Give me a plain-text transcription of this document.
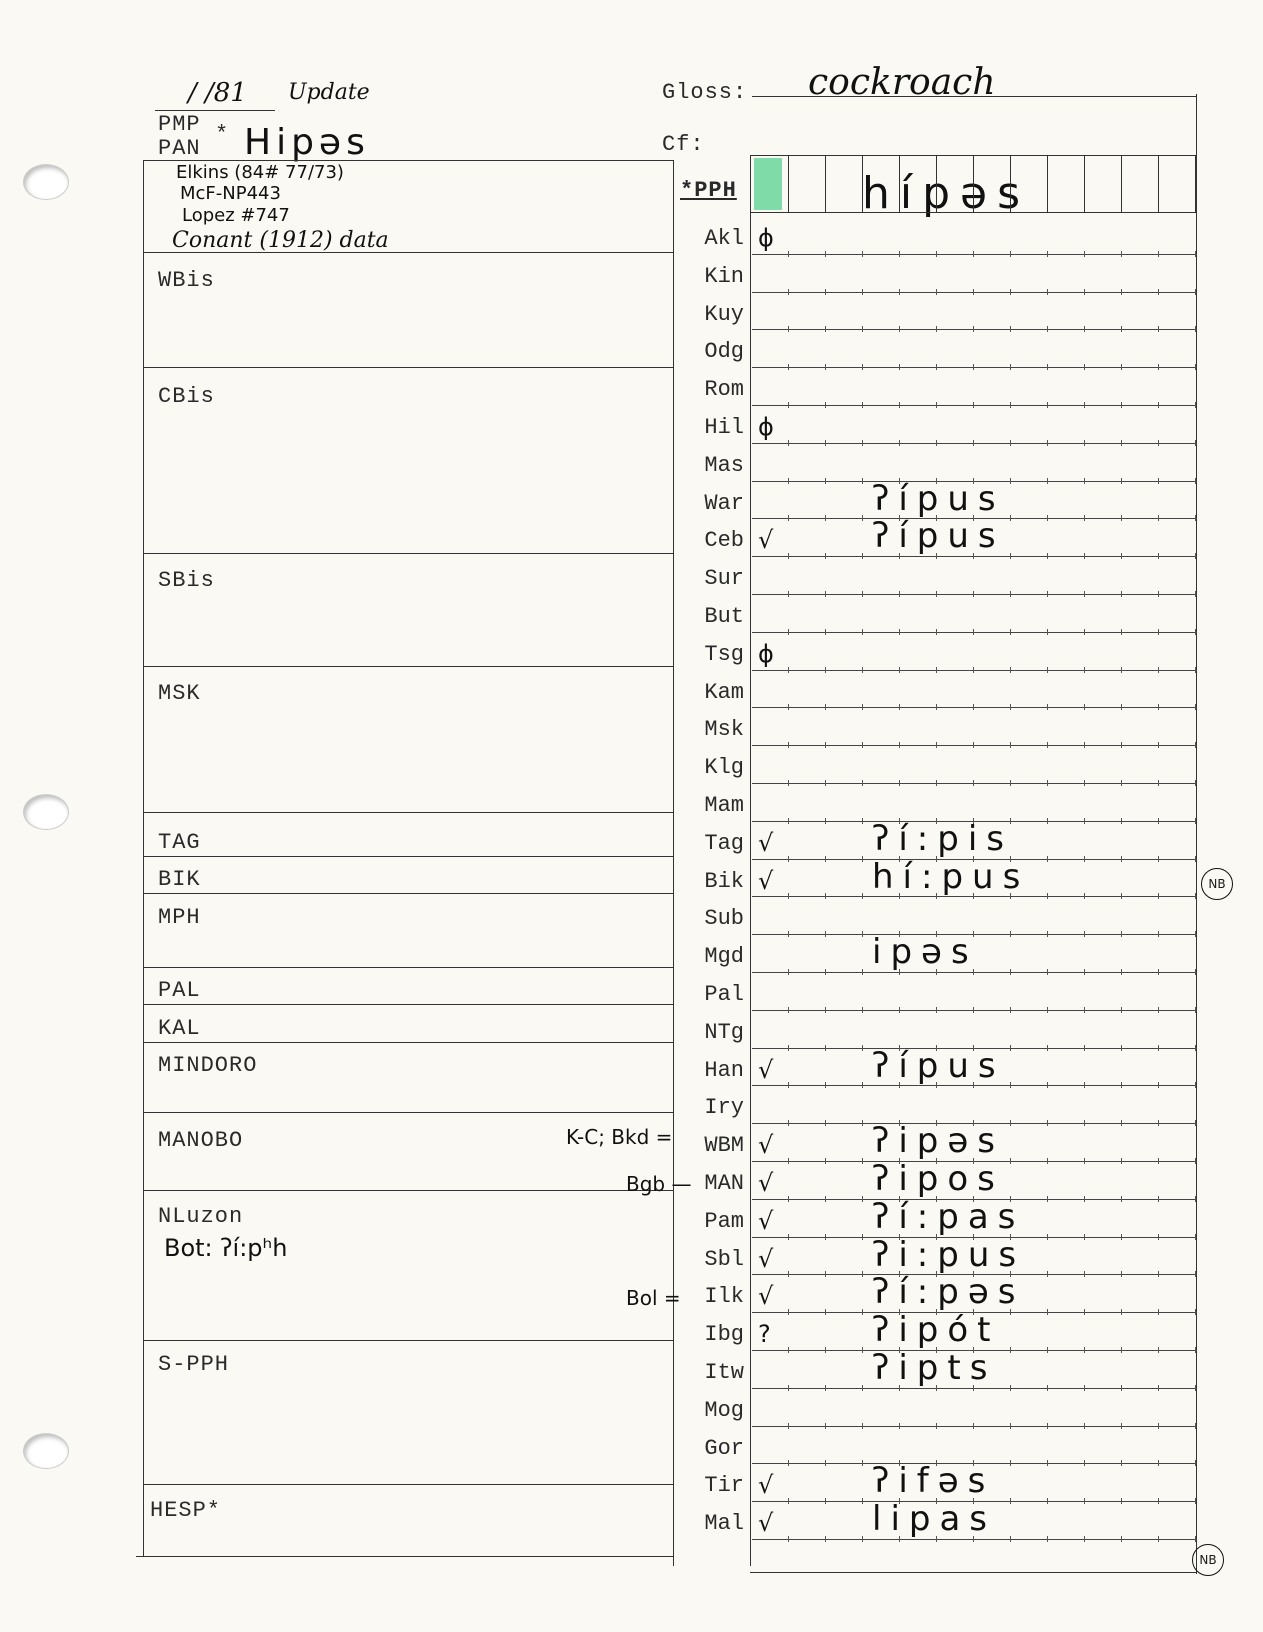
/ /81 Update
PMP
PAN
* Hipəs
Gloss: cockroach
Cf:
Elkins (84# 77/73)
McF-NP443
Lopez #747
Conant (1912) data
WBis
CBis
SBis
MSK
TAG
BIK
MPH
PAL
KAL
MINDORO
MANOBO
NLuzon
Bot: ʔí:pʰh
S-PPH
HESP*
K-C; Bkd =
Bgb —
Bol =
NB
NB
*PPH	hípəs
Akl ϕ
Kin
Kuy
Odg
Rom
Hil ϕ
Mas
War	ʔípus
Ceb √	ʔípus
Sur
But
Tsg ϕ
Kam
Msk
Klg
Mam
Tag √	ʔí:pis
Bik √	hí:pus
Sub
Mgd	ipəs
Pal
NTg
Han √	ʔípus
Iry
WBM √	ʔipəs
MAN √	ʔipos
Pam √	ʔí:pas
Sbl √	ʔi:pus
Ilk √	ʔí:pəs
Ibg ?	ʔipót
Itw	ʔipts
Mog
Gor
Tir √	ʔifəs
Mal √	lipas
